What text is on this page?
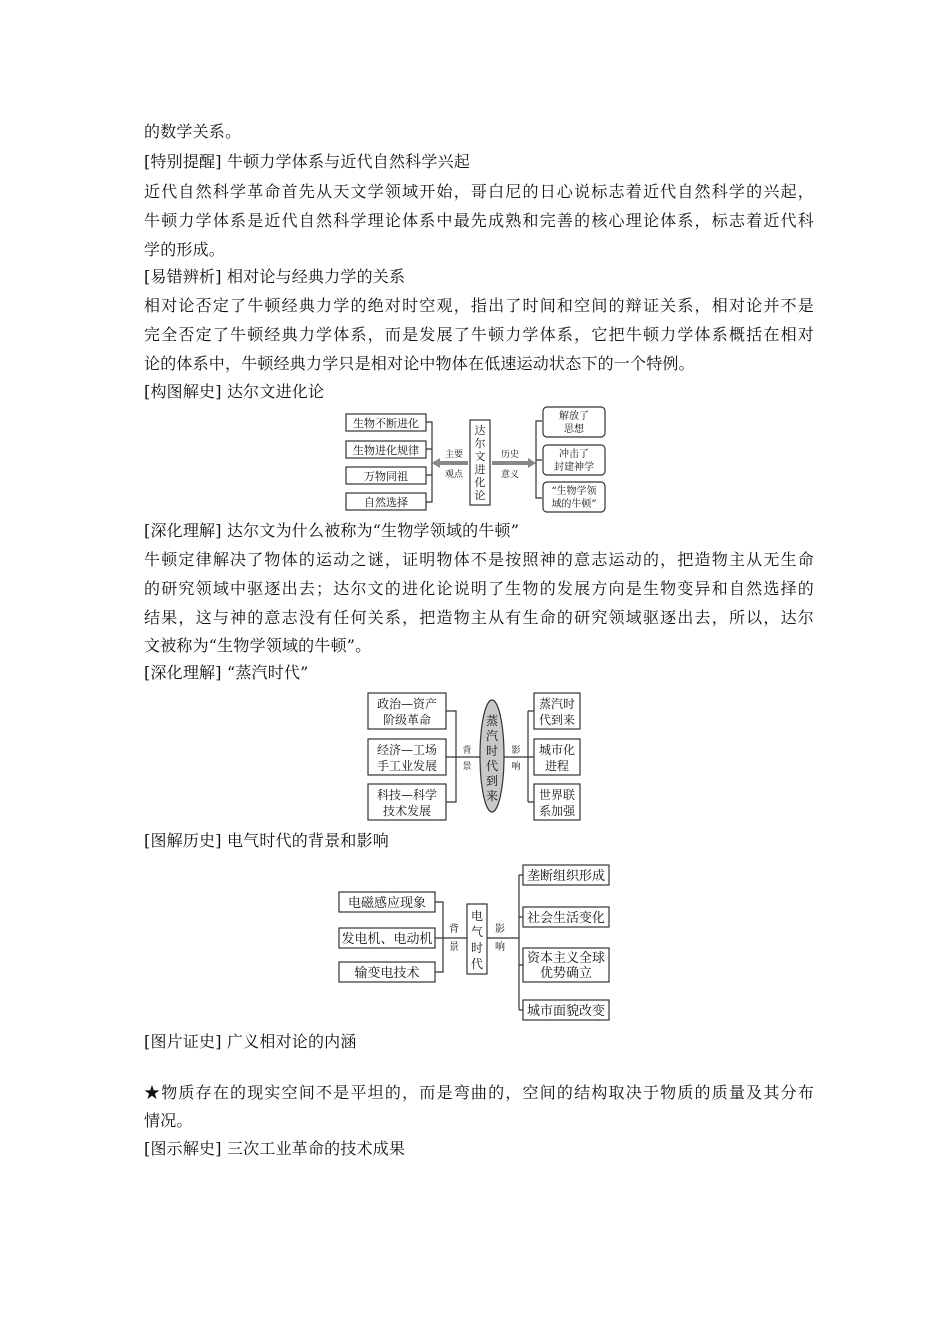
的数学关系。
[特别提醒] 牛顿力学体系与近代自然科学兴起
近代自然科学革命首先从天文学领域开始，哥白尼的日心说标志着近代自然科学的兴起，
牛顿力学体系是近代自然科学理论体系中最先成熟和完善的核心理论体系，标志着近代科
学的形成。
[易错辨析] 相对论与经典力学的关系
相对论否定了牛顿经典力学的绝对时空观，指出了时间和空间的辩证关系，相对论并不是
完全否定了牛顿经典力学体系，而是发展了牛顿力学体系，它把牛顿力学体系概括在相对
论的体系中，牛顿经典力学只是相对论中物体在低速运动状态下的一个特例。
[构图解史] 达尔文进化论
生物不断进化
生物进化规律
万物同祖
自然选择
主要
观点
达
尔
文
进
化
论
历史
意义
解放了
思想
冲击了
封建神学
“生物学领
域的牛顿”
[深化理解] 达尔文为什么被称为“生物学领域的牛顿”
牛顿定律解决了物体的运动之谜，证明物体不是按照神的意志运动的，把造物主从无生命
的研究领域中驱逐出去；达尔文的进化论说明了生物的发展方向是生物变异和自然选择的
结果，这与神的意志没有任何关系，把造物主从有生命的研究领域驱逐出去，所以，达尔
文被称为“生物学领域的牛顿”。
[深化理解] “蒸汽时代”
政治—资产
阶级革命
经济—工场
手工业发展
科技—科学
技术发展
背
景
蒸
汽
时
代
到
来
影
响
蒸汽时
代到来
城市化
进程
世界联
系加强
[图解历史] 电气时代的背景和影响
电磁感应现象
发电机、电动机
输变电技术
背
景
电
气
时
代
影
响
垄断组织形成
社会生活变化
资本主义全球
优势确立
城市面貌改变
[图片证史] 广义相对论的内涵
★物质存在的现实空间不是平坦的，而是弯曲的，空间的结构取决于物质的质量及其分布
情况。
[图示解史] 三次工业革命的技术成果
